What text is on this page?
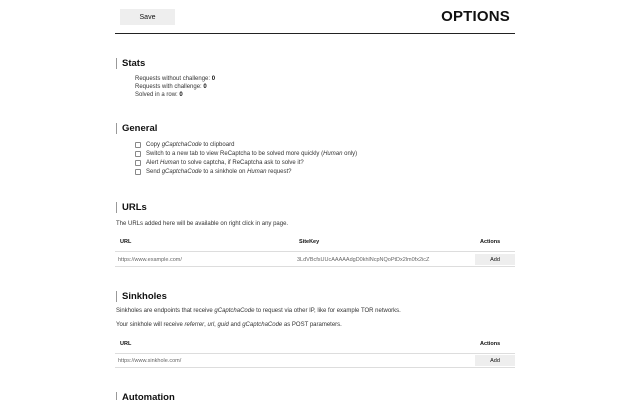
Save	OPTIONS
Stats
Requests without challenge: 0
Requests with challenge: 0
Solved in a row: 0
General
Copy gCaptchaCode to clipboard
Switch to a new tab to view ReCaptcha to be solved more quickly (Human only)
Alert Human to solve captcha, if ReCaptcha ask to solve it?
Send gCaptchaCode to a sinkhole on Human request?
URLs
The URLs added here will be available on right click in any page.
URL	SiteKey	Actions
https://www.example.com/	3LdVBcfsUUcAAAAAdgD0khlNcpNQoPtDx2lm0fx2icZ	Add
Sinkholes
Sinkholes are endpoints that receive gCaptchaCode to request via other IP, like for example TOR networks.
Your sinkhole will receive referrer, url, guid and gCaptchaCode as POST parameters.
URL	Actions
https://www.sinkhole.com/	Add
Automation
